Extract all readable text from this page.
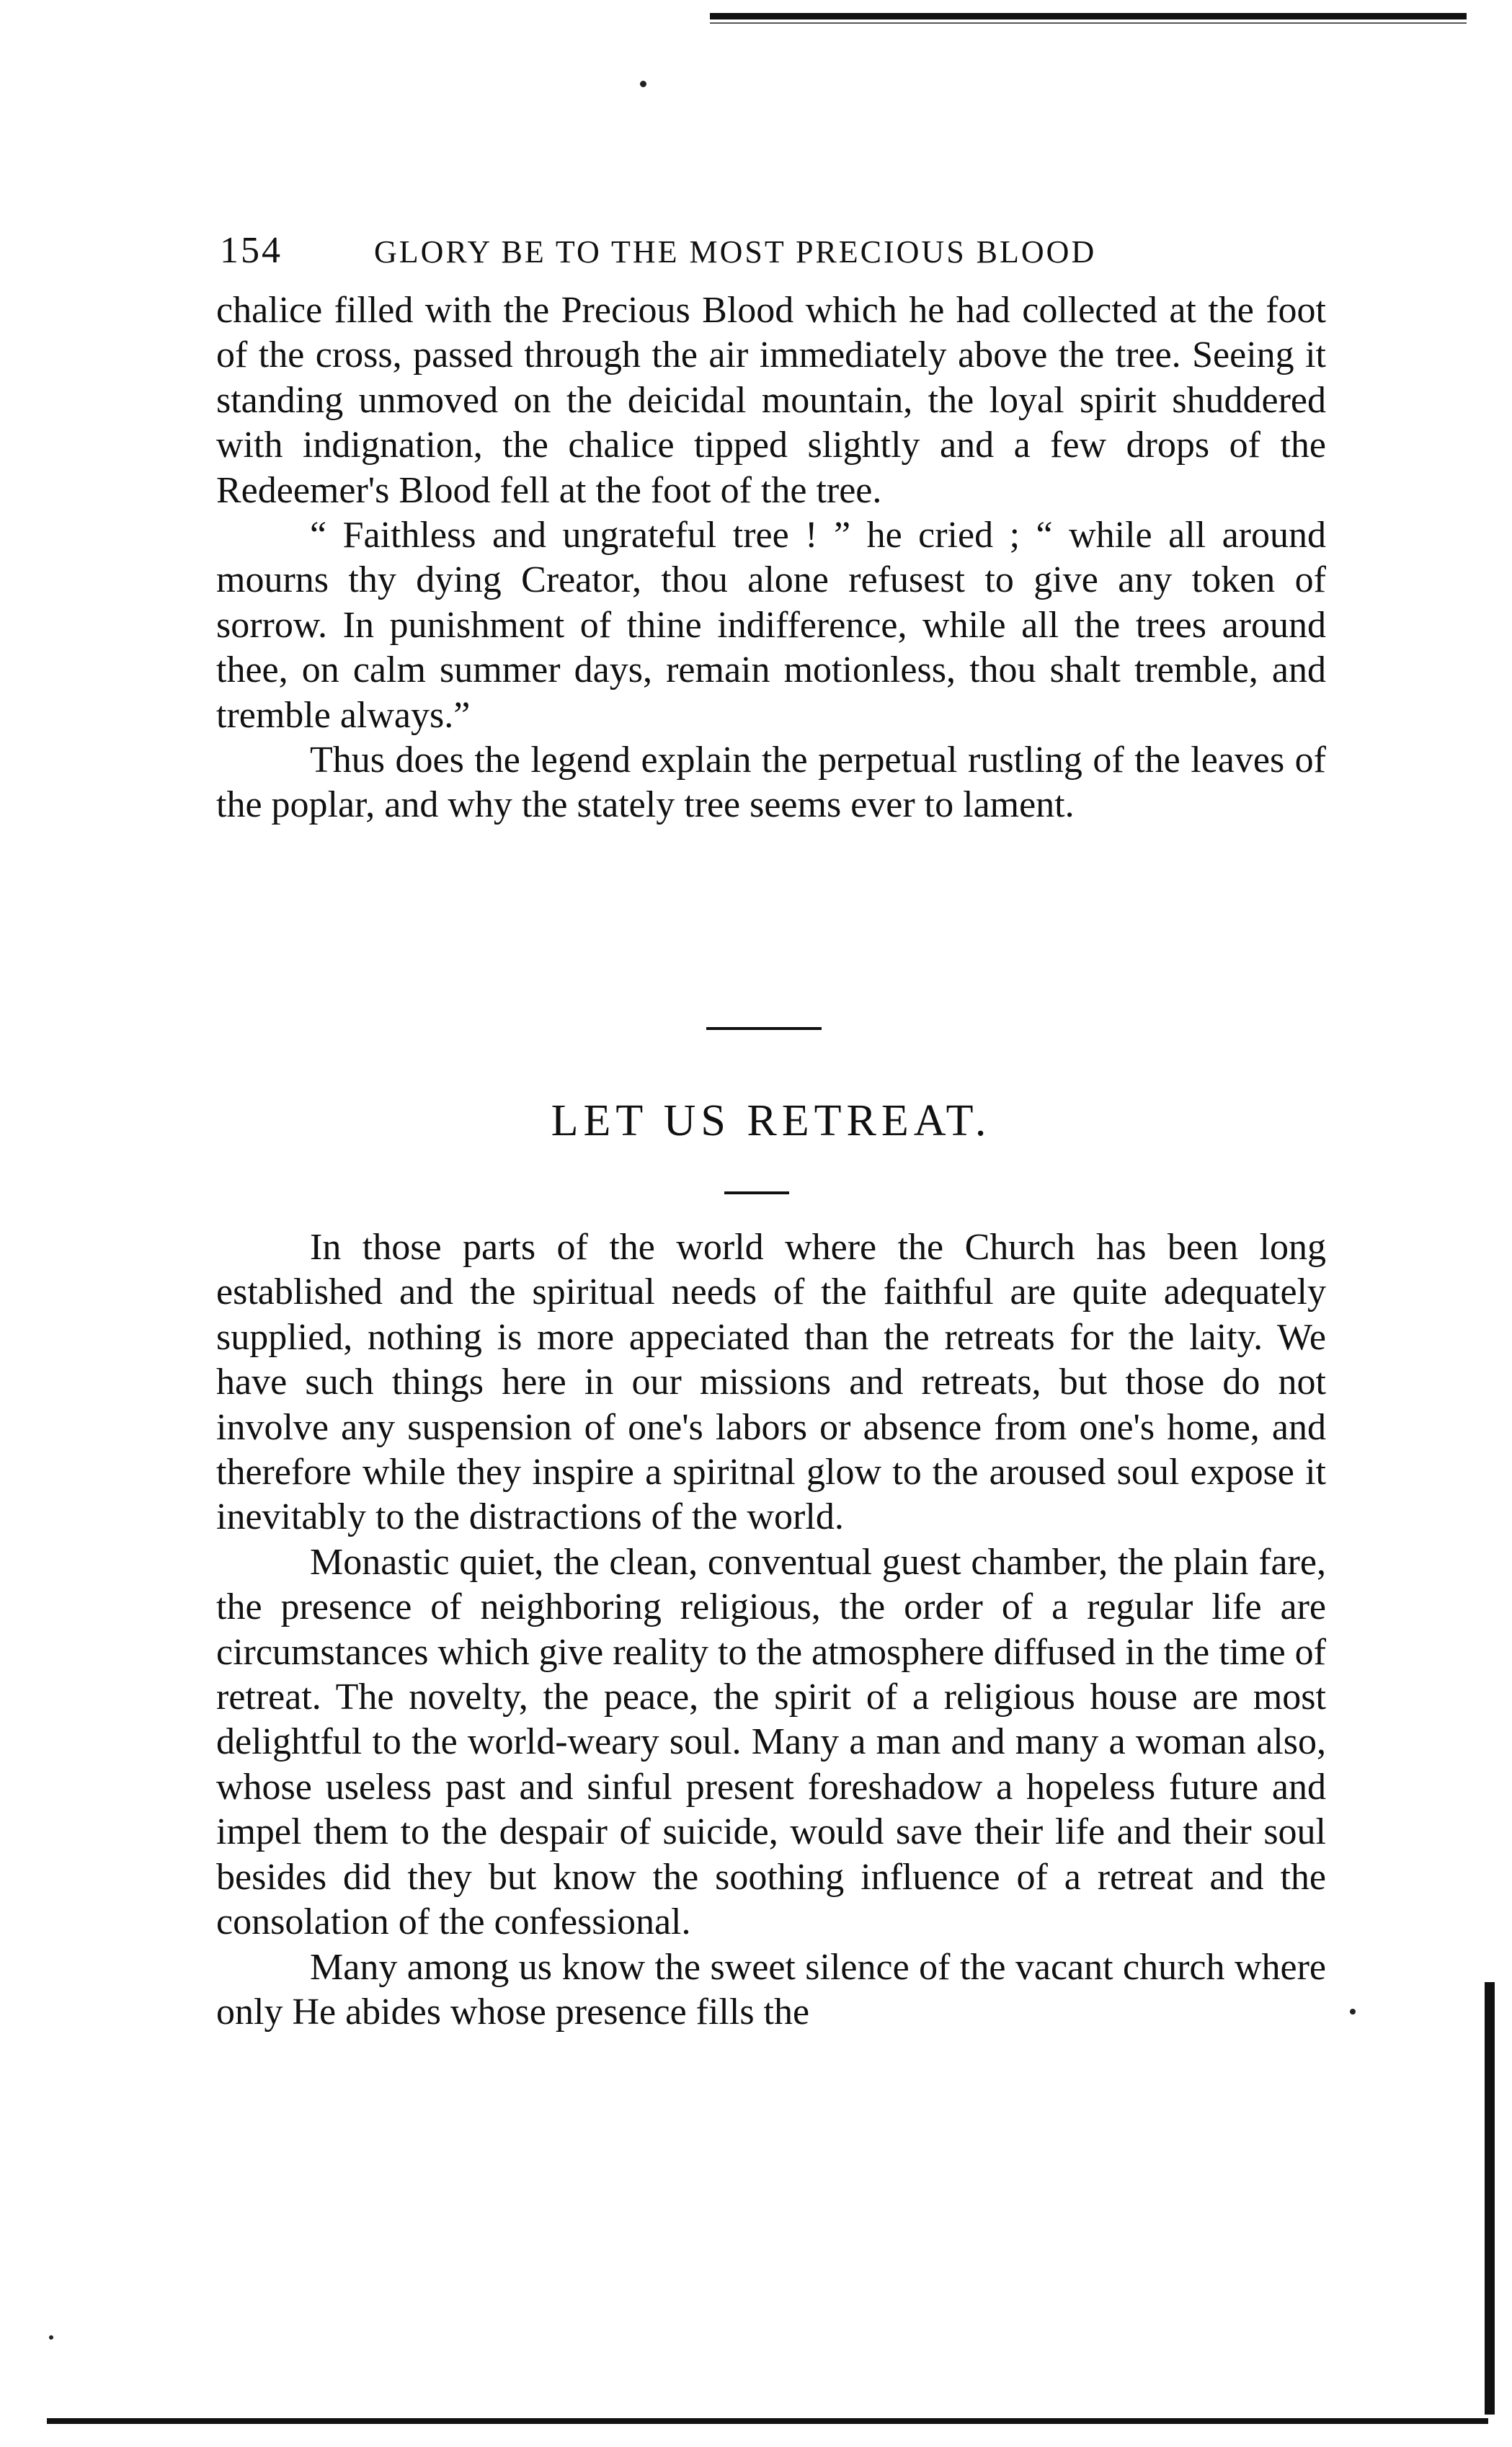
154	GLORY BE TO THE MOST PRECIOUS BLOOD

chalice filled with the Precious Blood which he had collected at the foot of the cross, passed through the air immediately above the tree. Seeing it standing unmoved on the deicidal mountain, the loyal spirit shuddered with indignation, the chalice tipped slightly and a few drops of the Redeemer's Blood fell at the foot of the tree.

“ Faithless and ungrateful tree ! ” he cried ; “ while all around mourns thy dying Creator, thou alone refusest to give any token of sorrow. In punishment of thine indifference, while all the trees around thee, on calm summer days, remain motionless, thou shalt tremble, and tremble always.”

Thus does the legend explain the perpetual rustling of the leaves of the poplar, and why the stately tree seems ever to lament.

LET US RETREAT.

In those parts of the world where the Church has been long established and the spiritual needs of the faithful are quite adequately supplied, nothing is more appeciated than the retreats for the laity. We have such things here in our missions and retreats, but those do not involve any suspension of one's labors or absence from one's home, and therefore while they inspire a spiritnal glow to the aroused soul expose it inevitably to the distractions of the world.

Monastic quiet, the clean, conventual guest chamber, the plain fare, the presence of neighboring religious, the order of a regular life are circumstances which give reality to the atmosphere diffused in the time of retreat. The novelty, the peace, the spirit of a religious house are most delightful to the world-weary soul. Many a man and many a woman also, whose useless past and sinful present foreshadow a hopeless future and impel them to the despair of suicide, would save their life and their soul besides did they but know the soothing influence of a retreat and the consolation of the confessional.

Many among us know the sweet silence of the vacant church where only He abides whose presence fills the
